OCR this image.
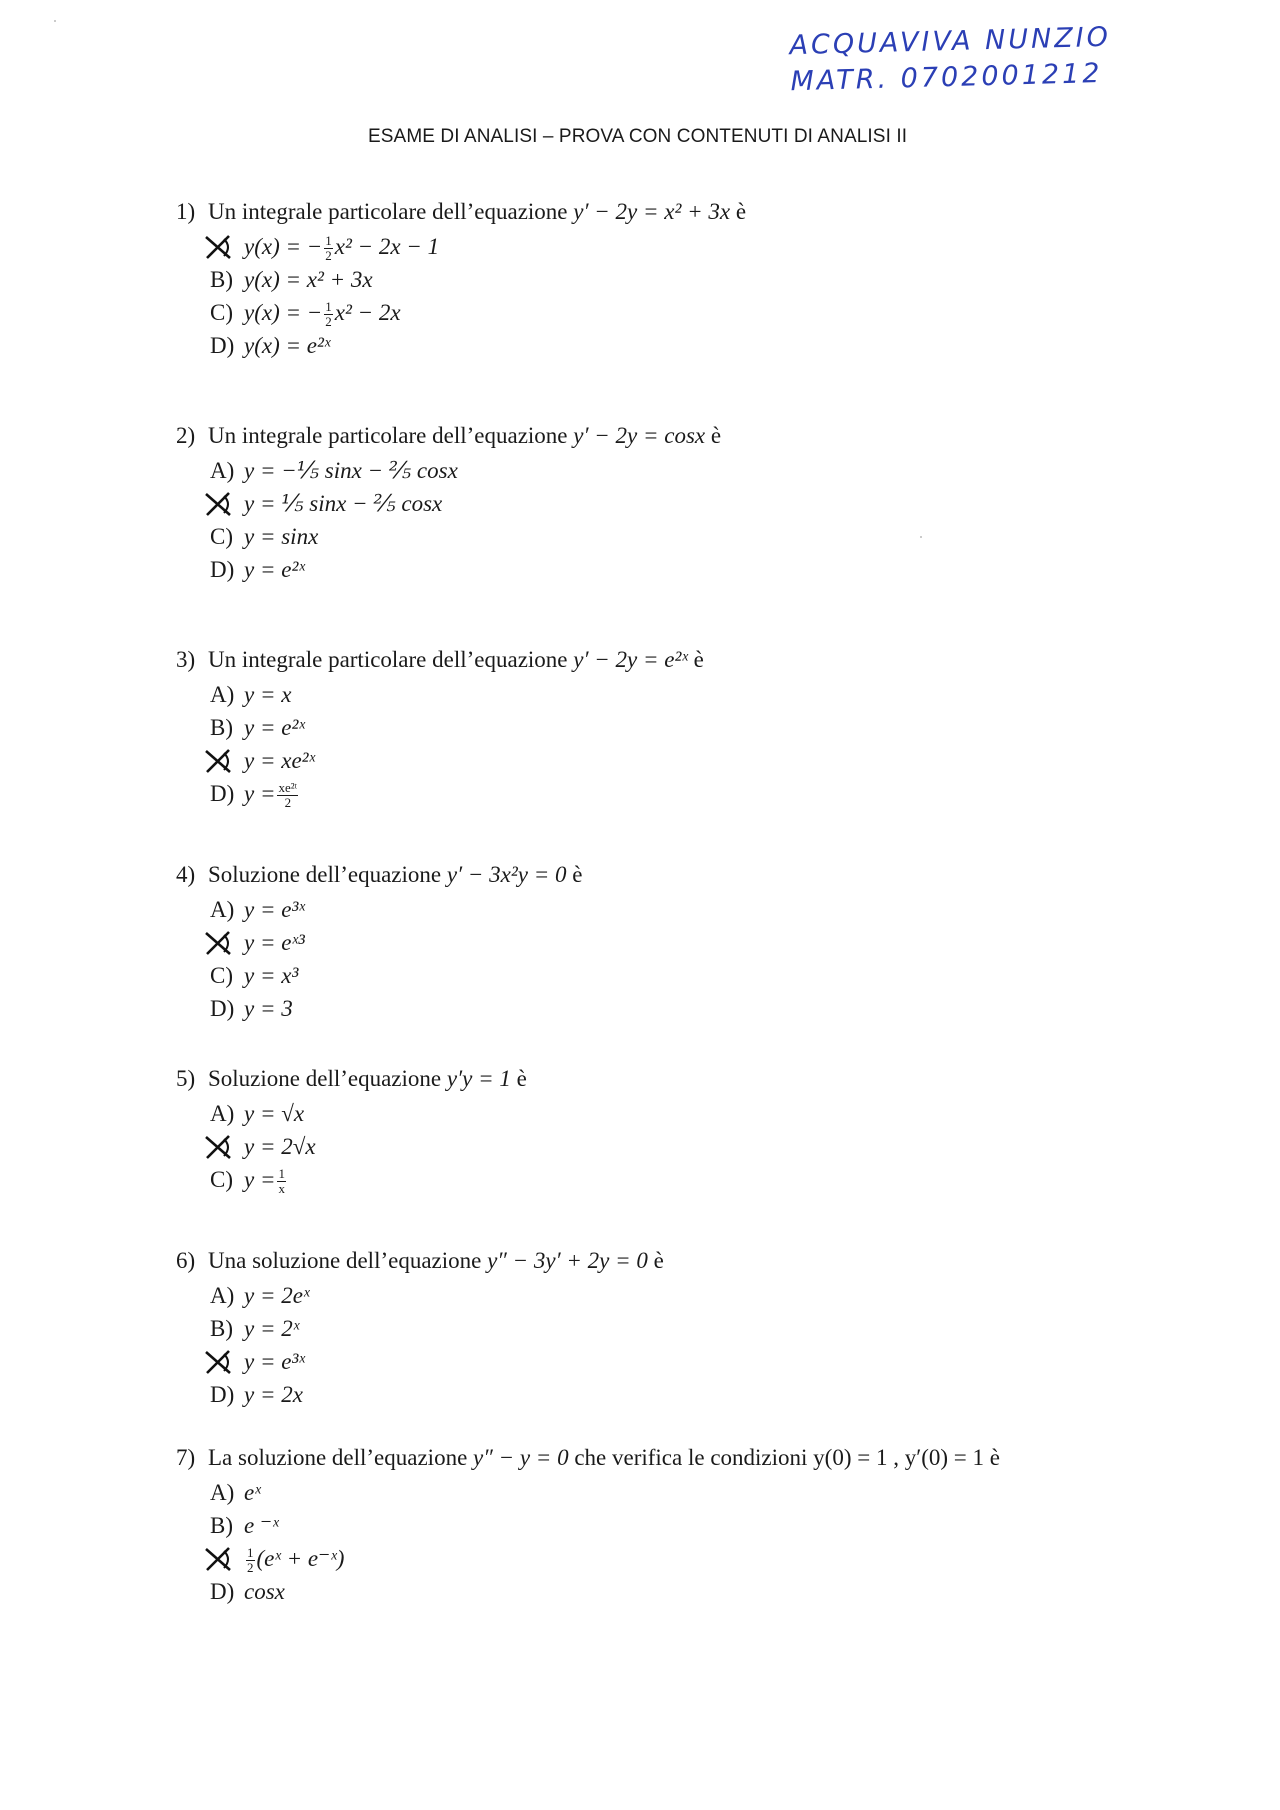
ACQUAVIVA NUNZIO
MATR. 0702001212
ESAME DI ANALISI – PROVA CON CONTENUTI DI ANALISI II
1) Un integrale particolare dell’equazione y′ − 2y = x² + 3x è
y(x) = − $\frac{1}{2} x^2 - 2x - 1$
B) y(x) = x² + 3x
C) y(x) = − $\frac{1}{2} x^2 - 2x$
D) y(x) = e²ˣ
2) Un integrale particolare dell’equazione y′ − 2y = cosx è
A) y = −⅕ sinx − ⅖ cosx
y = ⅕ sinx − ⅖ cosx
C) y = sinx
D) y = e²ˣ
3) Un integrale particolare dell’equazione y′ − 2y = e²ˣ è
A) y = x
B) y = e²ˣ
y = xe²ˣ
D) $y = \frac{\text{xe²ᵗ}}{2}$
4) Soluzione dell’equazione y′ − 3x²y = 0 è
A) y = e³ˣ
y = eˣ³
C) y = x³
D) y = 3
5) Soluzione dell’equazione y′y = 1 è
A) y = √x
y = 2√x
C) $y = \frac{1}{x}$
6) Una soluzione dell’equazione y″ − 3y′ + 2y = 0 è
A) y = 2eˣ
B) y = 2ˣ
y = e³ˣ
D) y = 2x
7) La soluzione dell’equazione y″ − y = 0 che verifica le condizioni y(0) = 1 , y′(0) = 1 è
A) eˣ
B) e ⁻ˣ
$\frac{1}{2}$ (eˣ + e⁻ˣ)
D) cosx
